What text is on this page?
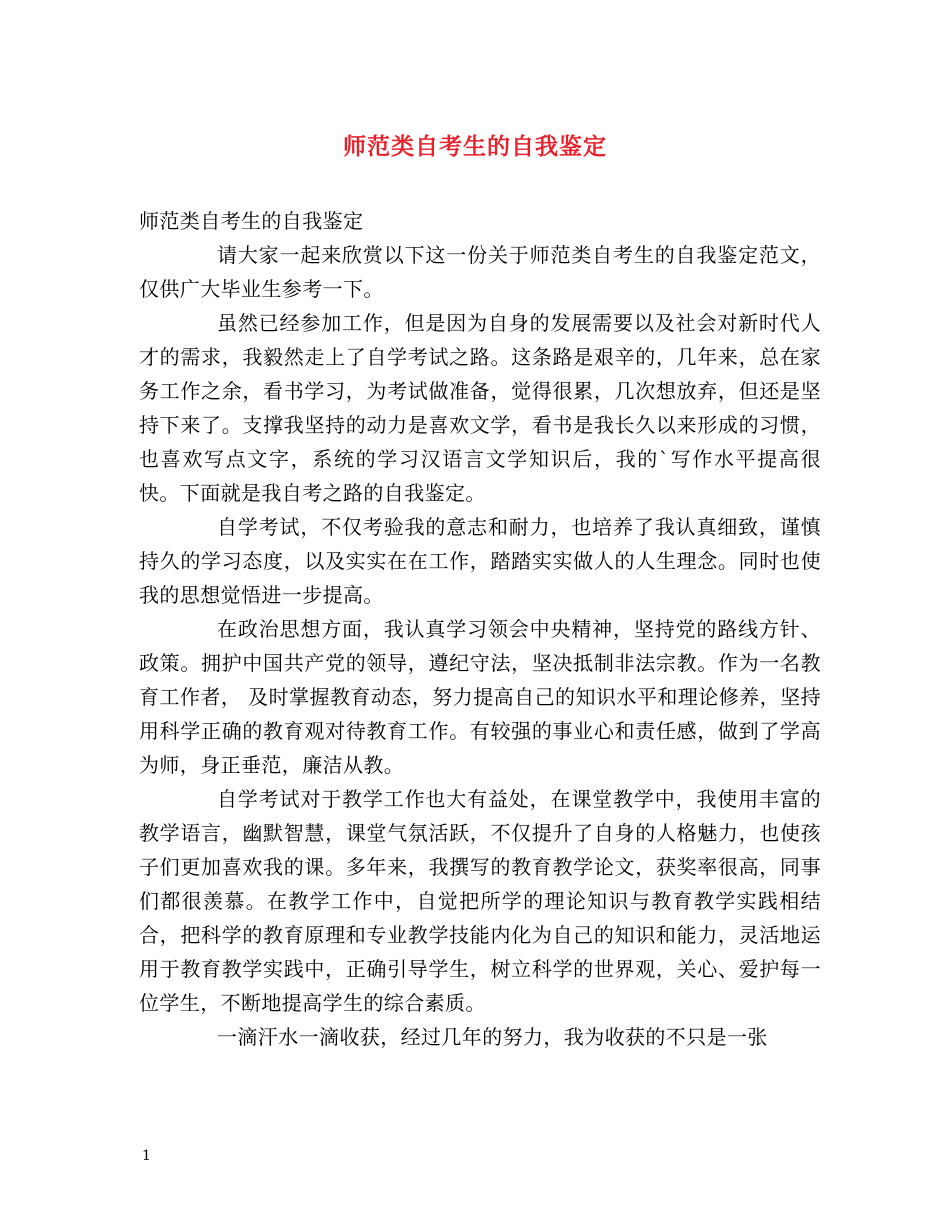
师范类自考生的自我鉴定

师范类自考生的自我鉴定

请大家一起来欣赏以下这一份关于师范类自考生的自我鉴定范文，仅供广大毕业生参考一下。

虽然已经参加工作，但是因为自身的发展需要以及社会对新时代人才的需求，我毅然走上了自学考试之路。这条路是艰辛的，几年来，总在家务工作之余，看书学习，为考试做准备，觉得很累，几次想放弃，但还是坚持下来了。支撑我坚持的动力是喜欢文学，看书是我长久以来形成的习惯，也喜欢写点文字，系统的学习汉语言文学知识后，我的`写作水平提高很快。下面就是我自考之路的自我鉴定。

自学考试，不仅考验我的意志和耐力，也培养了我认真细致，谨慎持久的学习态度，以及实实在在工作，踏踏实实做人的人生理念。同时也使我的思想觉悟进一步提高。

在政治思想方面，我认真学习领会中央精神，坚持党的路线方针、政策。拥护中国共产党的领导，遵纪守法，坚决抵制非法宗教。作为一名教育工作者， 及时掌握教育动态，努力提高自己的知识水平和理论修养，坚持用科学正确的教育观对待教育工作。有较强的事业心和责任感，做到了学高为师，身正垂范，廉洁从教。

自学考试对于教学工作也大有益处，在课堂教学中，我使用丰富的教学语言，幽默智慧，课堂气氛活跃，不仅提升了自身的人格魅力，也使孩子们更加喜欢我的课。多年来，我撰写的教育教学论文，获奖率很高，同事们都很羡慕。在教学工作中，自觉把所学的理论知识与教育教学实践相结合，把科学的教育原理和专业教学技能内化为自己的知识和能力，灵活地运用于教育教学实践中，正确引导学生，树立科学的世界观，关心、爱护每一位学生，不断地提高学生的综合素质。

一滴汗水一滴收获，经过几年的努力，我为收获的不只是一张

1
